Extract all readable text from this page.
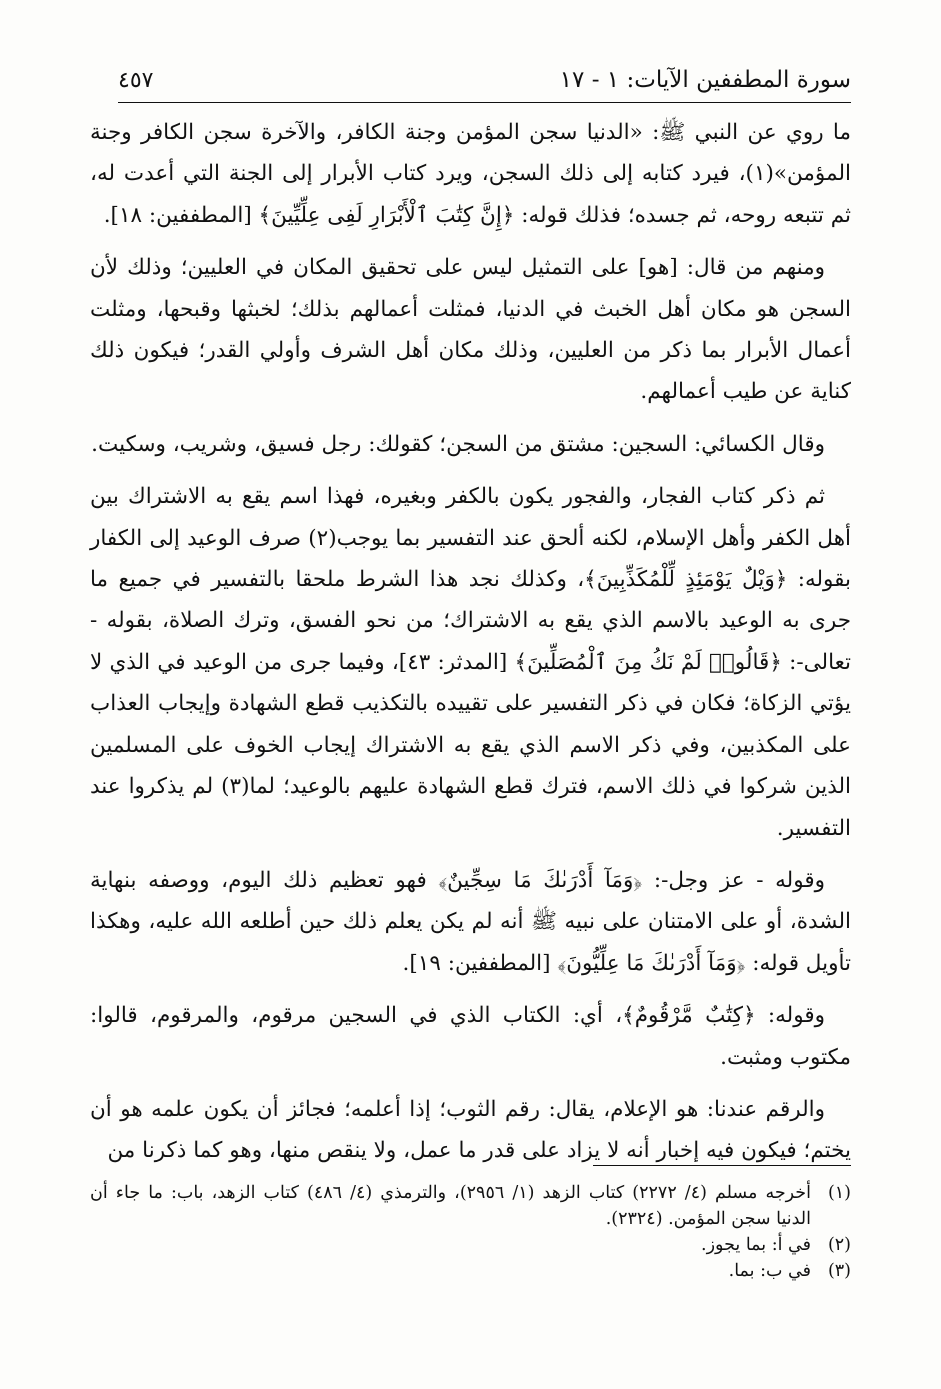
سورة المطففين الآيات: ١ - ١٧
٤٥٧

ما روي عن النبي ﷺ: «الدنيا سجن المؤمن وجنة الكافر، والآخرة سجن الكافر وجنة المؤمن»(١)، فيرد كتابه إلى ذلك السجن، ويرد كتاب الأبرار إلى الجنة التي أعدت له، ثم تتبعه روحه، ثم جسده؛ فذلك قوله: ﴿إِنَّ كِتَٰبَ ٱلْأَبْرَارِ لَفِى عِلِّيِّينَ﴾ [المطففين: ١٨].

ومنهم من قال: [هو] على التمثيل ليس على تحقيق المكان في العليين؛ وذلك لأن السجن هو مكان أهل الخبث في الدنيا، فمثلت أعمالهم بذلك؛ لخبثها وقبحها، ومثلت أعمال الأبرار بما ذكر من العليين، وذلك مكان أهل الشرف وأولي القدر؛ فيكون ذلك كناية عن طيب أعمالهم.

وقال الكسائي: السجين: مشتق من السجن؛ كقولك: رجل فسيق، وشريب، وسكيت.

ثم ذكر كتاب الفجار، والفجور يكون بالكفر وبغيره، فهذا اسم يقع به الاشتراك بين أهل الكفر وأهل الإسلام، لكنه ألحق عند التفسير بما يوجب(٢) صرف الوعيد إلى الكفار بقوله: ﴿وَيْلٌ يَوْمَئِذٍ لِّلْمُكَذِّبِينَ﴾، وكذلك نجد هذا الشرط ملحقا بالتفسير في جميع ما جرى به الوعيد بالاسم الذي يقع به الاشتراك؛ من نحو الفسق، وترك الصلاة، بقوله - تعالى-: ﴿قَالُوا۟ لَمْ نَكُ مِنَ ٱلْمُصَلِّينَ﴾ [المدثر: ٤٣]، وفيما جرى من الوعيد في الذي لا يؤتي الزكاة؛ فكان في ذكر التفسير على تقييده بالتكذيب قطع الشهادة وإيجاب العذاب على المكذبين، وفي ذكر الاسم الذي يقع به الاشتراك إيجاب الخوف على المسلمين الذين شركوا في ذلك الاسم، فترك قطع الشهادة عليهم بالوعيد؛ لما(٣) لم يذكروا عند التفسير.

وقوله - عز وجل-: ﴿وَمَآ أَدْرَىٰكَ مَا سِجِّينٌ﴾ فهو تعظيم ذلك اليوم، ووصفه بنهاية الشدة، أو على الامتنان على نبيه ﷺ أنه لم يكن يعلم ذلك حين أطلعه الله عليه، وهكذا تأويل قوله: ﴿وَمَآ أَدْرَىٰكَ مَا عِلِّيُّونَ﴾ [المطففين: ١٩].

وقوله: ﴿كِتَٰبٌ مَّرْقُومٌ﴾، أي: الكتاب الذي في السجين مرقوم، والمرقوم، قالوا: مكتوب ومثبت.

والرقم عندنا: هو الإعلام، يقال: رقم الثوب؛ إذا أعلمه؛ فجائز أن يكون علمه هو أن يختم؛ فيكون فيه إخبار أنه لا يزاد على قدر ما عمل، ولا ينقص منها، وهو كما ذكرنا من

(١)
أخرجه مسلم (٤/ ٢٢٧٢) كتاب الزهد (١/ ٢٩٥٦)، والترمذي (٤/ ٤٨٦) كتاب الزهد، باب: ما جاء أن الدنيا سجن المؤمن. (٢٣٢٤).
(٢)
في أ: بما يجوز.
(٣)
في ب: بما.
